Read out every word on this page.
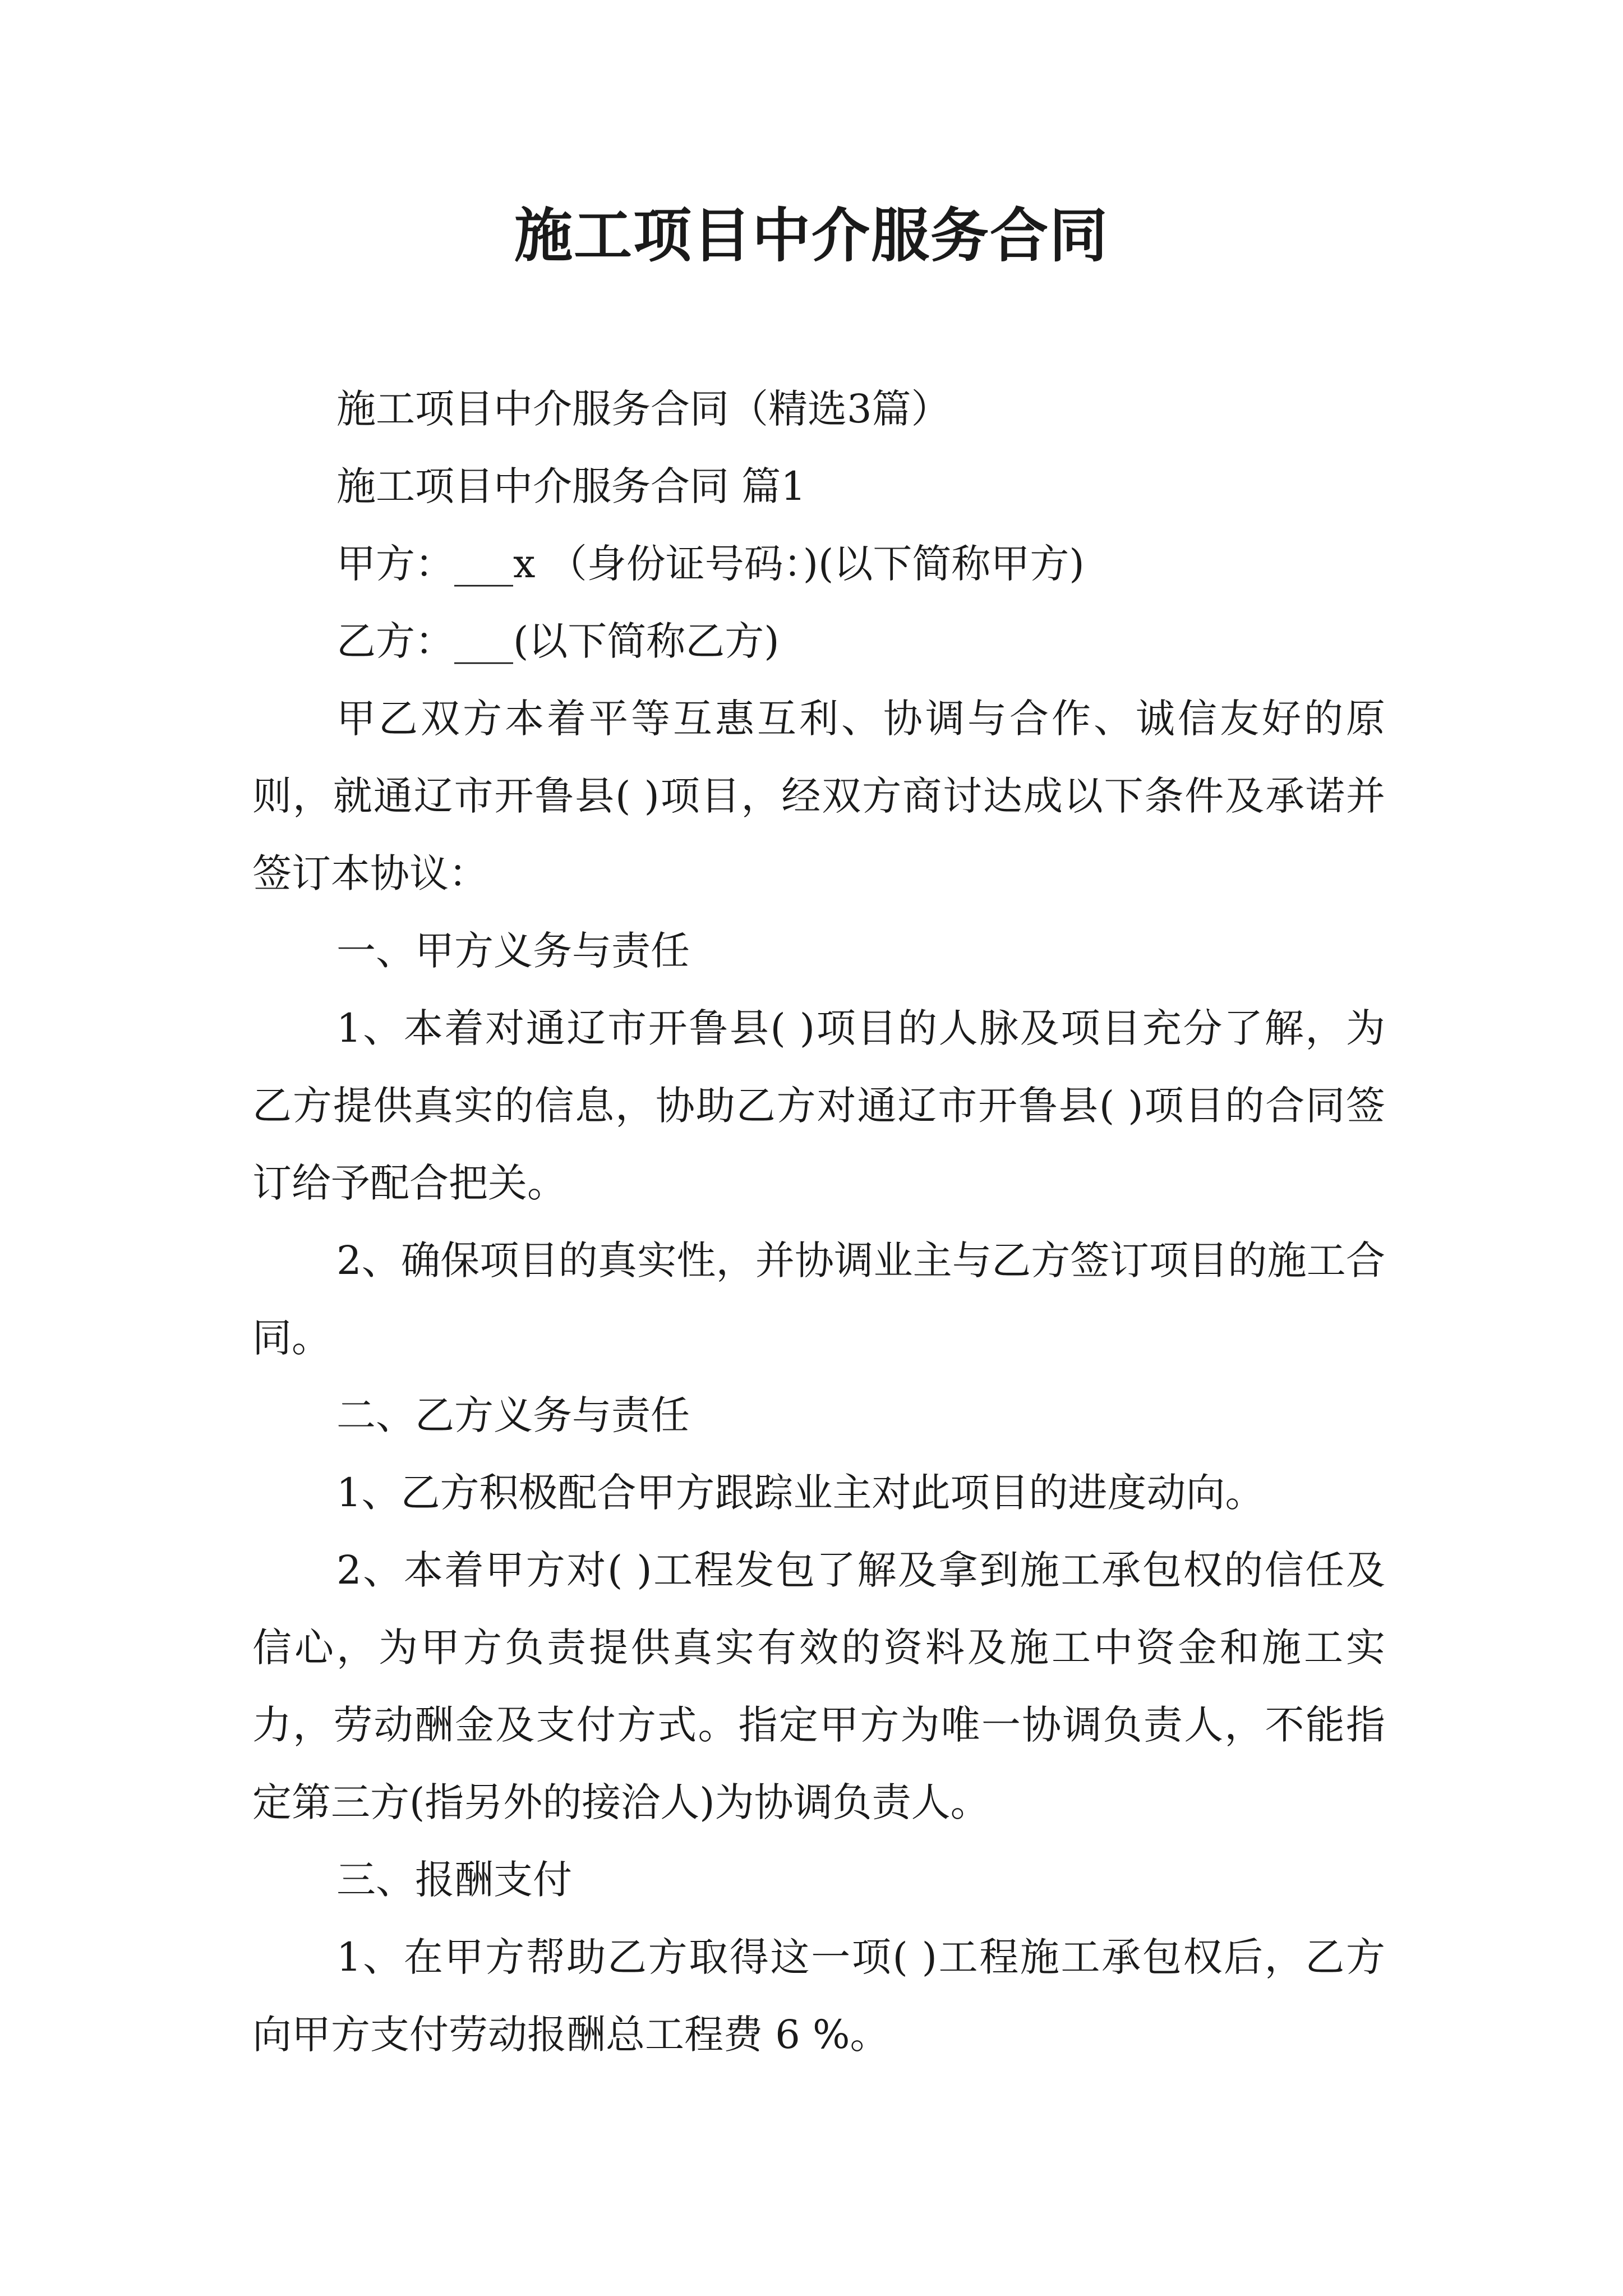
施工项目中介服务合同

施工项目中介服务合同（精选3篇）

施工项目中介服务合同 篇1

甲方：___x （身份证号码：)(以下简称甲方)

乙方：___(以下简称乙方)

甲乙双方本着平等互惠互利、协调与合作、诚信友好的原则，就通辽市开鲁县( )项目，经双方商讨达成以下条件及承诺并签订本协议：

一、甲方义务与责任

1、本着对通辽市开鲁县( )项目的人脉及项目充分了解，为乙方提供真实的信息，协助乙方对通辽市开鲁县( )项目的合同签订给予配合把关。

2、确保项目的真实性，并协调业主与乙方签订项目的施工合同。

二、乙方义务与责任

1、乙方积极配合甲方跟踪业主对此项目的进度动向。

2、本着甲方对( )工程发包了解及拿到施工承包权的信任及信心，为甲方负责提供真实有效的资料及施工中资金和施工实力，劳动酬金及支付方式。指定甲方为唯一协调负责人，不能指定第三方(指另外的接洽人)为协调负责人。

三、报酬支付

1、在甲方帮助乙方取得这一项( )工程施工承包权后，乙方向甲方支付劳动报酬总工程费 6 %。
